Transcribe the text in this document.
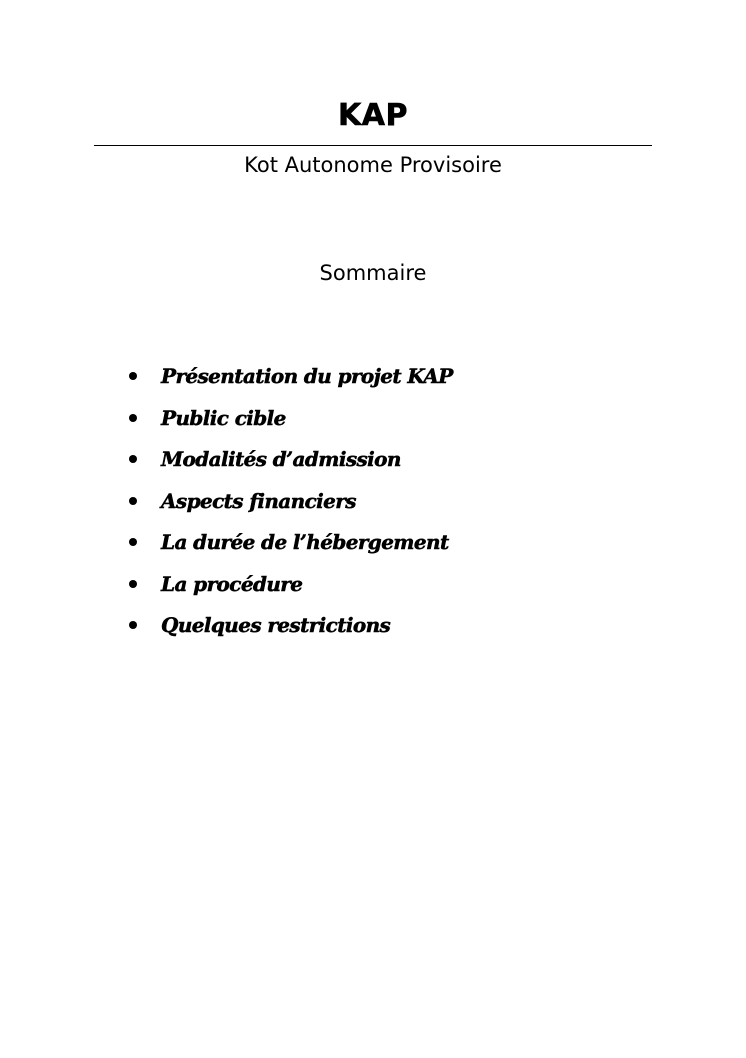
KAP
Kot Autonome Provisoire
Sommaire
Présentation du projet KAP
Public cible
Modalités d’admission
Aspects financiers
La durée de l’hébergement
La procédure
Quelques restrictions
